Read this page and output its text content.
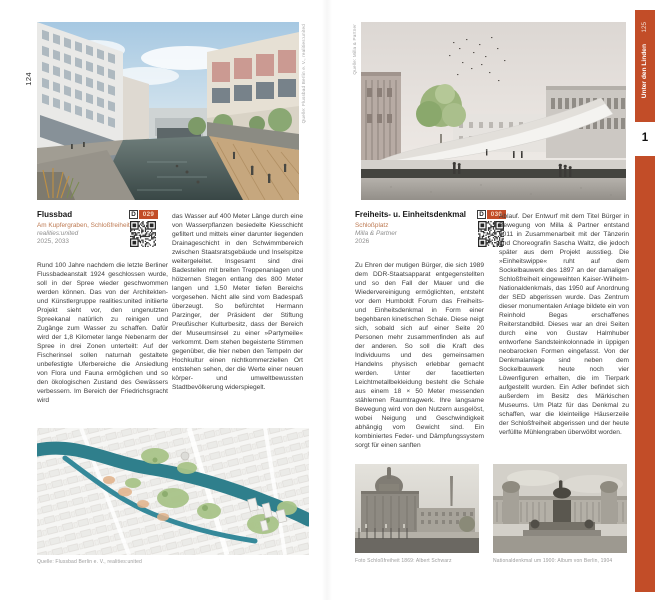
124	Quelle: Flussbad Berlin e. V., realities:united
Flussbad
Am Kupfergraben, Schloßfreiheit
realities:united
2025, 2033
D	029
Rund 100 Jahre nachdem die letzte Berliner Flussbadeanstalt 1924 geschlossen wurde, soll in der Spree wieder geschwommen werden können. Das von der Architekten- und Künstlergruppe realities:united initiierte Projekt sieht vor, den ungenutzten Spreekanal natürlich zu reinigen und Zugänge zum Wasser zu schaffen. Dafür wird der 1,8 Kilometer lange Nebenarm der Spree in drei Zonen unterteilt: Auf der Fischerinsel sollen naturnah gestaltete unbefestigte Uferbereiche die Ansiedlung von Flora und Fauna ermöglichen und so den ökologischen Zustand des Gewässers verbessern. Im Bereich der Friedrichsgracht wird
das Wasser auf 400 Meter Länge durch eine von Wasserpflanzen besiedelte Kiesschicht gefiltert und mittels einer darunter liegenden Drainageschicht in den Schwimmbereich zwischen Staatsratsgebäude und Inselspitze weitergeleitet. Insgesamt sind drei Badestellen mit breiten Treppenanlagen und hölzernen Stegen entlang des 800 Meter langen und 1,50 Meter tiefen Bereichs vorgesehen. Nicht alle sind vom Badespaß überzeugt. So befürchtet Hermann Parzinger, der Präsident der Stiftung Preußischer Kulturbesitz, dass der Bereich der Museumsinsel zu einer »Partymeile« verkommt. Dem stehen begeisterte Stimmen gegenüber, die hier neben den Tempeln der Hochkultur einen nichtkommerziellen Ort entstehen sehen, der die Werte einer neuen körper- und umweltbewussten Stadtbevölkerung widerspiegelt.
Quelle: Flussbad Berlin e. V., realities:united
Quelle: Milla & Partner
Freiheits- u. Einheitsdenkmal
Schloßplatz
Milla & Partner
2026
D	030
Zu Ehren der mutigen Bürger, die sich 1989 dem DDR-Staatsapparat entgegenstellten und so den Fall der Mauer und die Wiedervereinigung ermöglichten, entsteht vor dem Humboldt Forum das Freiheits- und Einheitsdenkmal in Form einer begehbaren kinetischen Schale. Diese neigt sich, sobald sich auf einer Seite 20 Personen mehr zusammenfinden als auf der anderen. So soll die Kraft des Individuums und des gemeinsamen Handelns physisch erlebbar gemacht werden. Unter der facettierten Leichtmetallbekleidung besteht die Schale aus einem 18 × 50 Meter messenden stählernen Raumtragwerk. Ihre langsame Bewegung wird von den Nutzern ausgelöst, wobei Neigung und Geschwindigkeit abhängig vom Gewicht sind. Ein kombiniertes Feder- und Dämpfungssystem sorgt für einen sanften
Ablauf. Der Entwurf mit dem Titel Bürger in Bewegung von Milla & Partner entstand 2011 in Zusammenarbeit mit der Tänzerin und Choreografin Sascha Waltz, die jedoch später aus dem Projekt ausstieg. Die »Einheitswippe« ruht auf dem Sockelbauwerk des 1897 an der damaligen Schloßfreiheit eingeweihten Kaiser-Wilhelm-Nationaldenkmals, das 1950 auf Anordnung der SED abgerissen wurde. Das Zentrum dieser monumentalen Anlage bildete ein von Reinhold Begas erschaffenes Reiterstandbild. Dieses war an drei Seiten durch eine von Gustav Halmhuber entworfene Sandsteinkolonnade in üppigen neobarocken Formen eingefasst. Von der Denkmalanlage sind neben dem Sockelbauwerk heute noch vier Löwenfiguren erhalten, die im Tierpark aufgestellt wurden. Ein Adler befindet sich außerdem im Besitz des Märkischen Museums. Um Platz für das Denkmal zu schaffen, war die kleinteilige Häuserzeile der Schloßfreiheit abgerissen und der heute verfüllte Mühlengraben überwölbt worden.
Foto Schloßfreiheit 1869: Albert Schwarz	Nationaldenkmal um 1900: Album von Berlin, 1904
125
Unter den Linden
1
